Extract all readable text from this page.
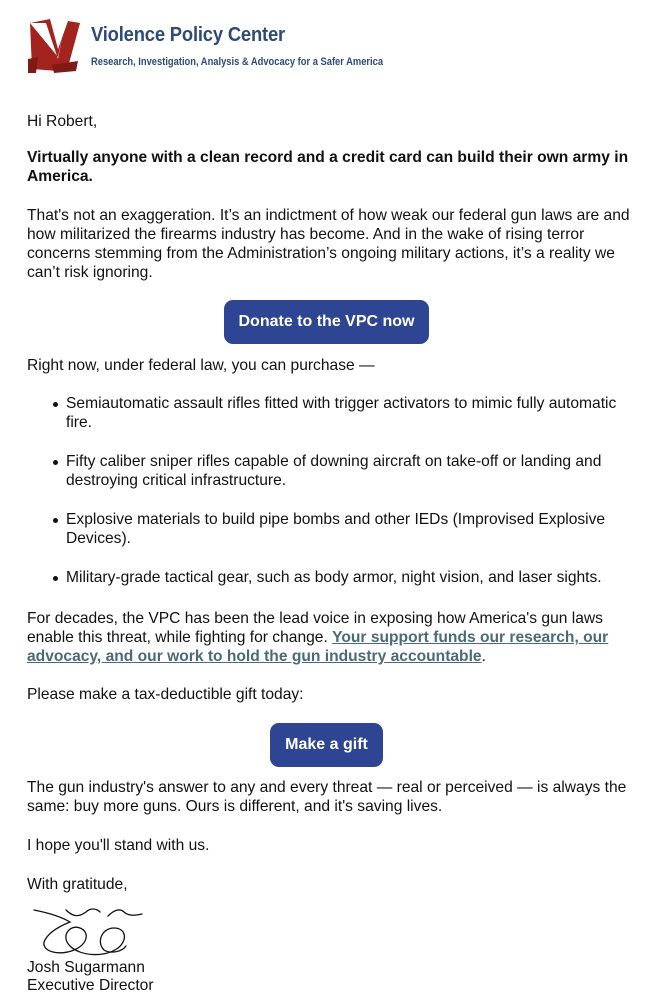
Violence Policy Center
Research, Investigation, Analysis & Advocacy for a Safer America

Hi Robert,

Virtually anyone with a clean record and a credit card can build their own army in America.

That's not an exaggeration. It’s an indictment of how weak our federal gun laws are and how militarized the firearms industry has become. And in the wake of rising terror concerns stemming from the Administration’s ongoing military actions, it’s a reality we can’t risk ignoring.

Donate to the VPC now

Right now, under federal law, you can purchase —

Semiautomatic assault rifles fitted with trigger activators to mimic fully automatic fire.
Fifty caliber sniper rifles capable of downing aircraft on take-off or landing and destroying critical infrastructure.
Explosive materials to build pipe bombs and other IEDs (Improvised Explosive Devices).
Military-grade tactical gear, such as body armor, night vision, and laser sights.

For decades, the VPC has been the lead voice in exposing how America's gun laws enable this threat, while fighting for change. Your support funds our research, our advocacy, and our work to hold the gun industry accountable.

Please make a tax-deductible gift today:

Make a gift

The gun industry's answer to any and every threat — real or perceived — is always the same: buy more guns. Ours is different, and it's saving lives.

I hope you'll stand with us.

With gratitude,

Josh Sugarmann

Executive Director
